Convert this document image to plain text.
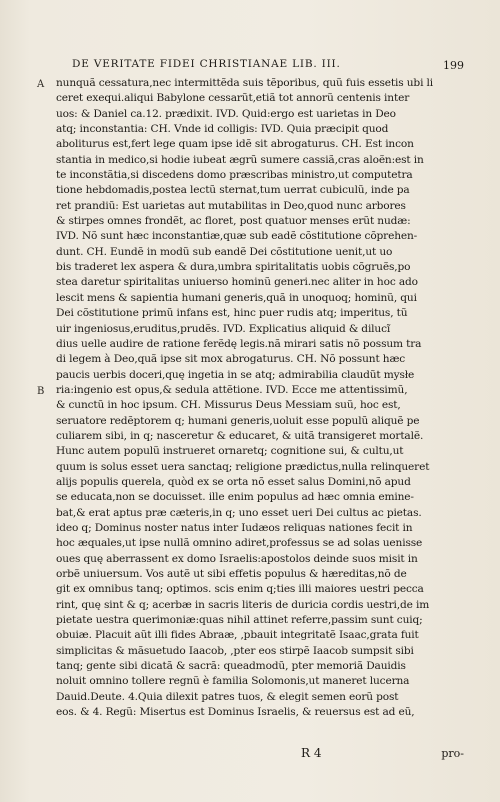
DE VERITATE FIDEI CHRISTIANAE LIB. III.	199
A
B
nunquã cessatura,nec intermittẽda suis tẽporibus, quũ fuis essetis ubi li
ceret exequi.aliqui Babylone cessarũt,etiã tot annorũ centenis inter
uos: & Daniel ca.12. prædixit. IVD. Quid:ergo est uarietas in Deo
atq; inconstantia: CH. Vnde id colligis: IVD. Quia præcipit quod
aboliturus est,fert lege quam ipse idẽ sit abrogaturus. CH. Est incon
stantia in medico,si hodie iubeat ægrũ sumere cassiã,cras aloẽn:est in
te inconstãtia,si discedens domo præscribas ministro,ut computetra
tione hebdomadis,postea lectũ sternat,tum uerrat cubiculũ, inde pa
ret prandiũ: Est uarietas aut mutabilitas in Deo,quod nunc arbores
& stirpes omnes frondẽt, ac floret, post quatuor menses erũt nudæ:
IVD. Nõ sunt hæc inconstantiæ,quæ sub eadẽ cõstitutione cõprehen-
dunt. CH. Eundẽ in modũ sub eandẽ Dei cõstitutione uenit,ut uo
bis traderet lex aspera & dura,umbra spiritalitatis uobis cõgruẽs,po
stea daretur spiritalitas uniuerso hominũ generi.nec aliter in hoc ado
lescit mens & sapientia humani generis,quã in unoquoq; hominũ, qui
Dei cõstitutione primũ infans est, hinc puer rudis atq; imperitus, tũ
uir ingeniosus,eruditus,prudẽs. IVD. Explicatius aliquid & dilucĩ
dius uelle audire de ratione ferẽdę legis.nã mirari satis nõ possum tra
di legem à Deo,quã ipse sit mox abrogaturus. CH. Nõ possunt hæc
paucis uerbis doceri,quę ingetia in se atq; admirabilia claudũt mysłe
ria:ingenio est opus,& sedula attẽtione. IVD. Ecce me attentissimũ,
& cunctũ in hoc ipsum. CH. Missurus Deus Messiam suũ, hoc est,
seruatore redẽptorem q; humani generis,uoluit esse populũ aliquẽ pe
culiarem sibi, in q; nasceretur & educaret, & uitã transigeret mortalẽ.
Hunc autem populũ instrueret ornaretq; cognitione sui, & cultu,ut
quum is solus esset uera sanctaq; religione prædictus,nulla relinqueret
alijs populis querela, quòd ex se orta nõ esset salus Domini,nõ apud
se educata,non se docuisset. ille enim populus ad hæc omnia emine-
bat,& erat aptus præ cæteris,in q; uno esset ueri Dei cultus ac pietas.
ideo q; Dominus noster natus inter Iudæos reliquas nationes fecit in
hoc æquales,ut ipse nullã omnino adiret,professus se ad solas uenisse
oues quę aberrassent ex domo Israelis:apostolos deinde suos misit in
orbẽ uniuersum. Vos autẽ ut sibi effetis populus & hæreditas,nõ de
git ex omnibus tanq; optimos. scis enim q;ties illi maiores uestri pecca
rint, quę sint & q; acerbæ in sacris literis de duricia cordis uestri,de im
pietate uestra querimoniæ:quas nihil attinet referre,passim sunt cuiq;
obuiæ. Placuit aũt illi fides Abraæ, ,pbauit integritatẽ Isaac,grata fuit
simplicitas & mãsuetudo Iaacob, ,pter eos stirpẽ Iaacob sumpsit sibi
tanq; gente sibi dicatã & sacrã: queadmodũ, pter memoriã Dauidis
noluit omnino tollere regnũ è familia Solomonis,ut maneret lucerna
Dauid.Deute. 4.Quia dilexit patres tuos, & elegit semen eorũ post
eos. & 4. Regũ: Misertus est Dominus Israelis, & reuersus est ad eũ,
R 4	pro-
